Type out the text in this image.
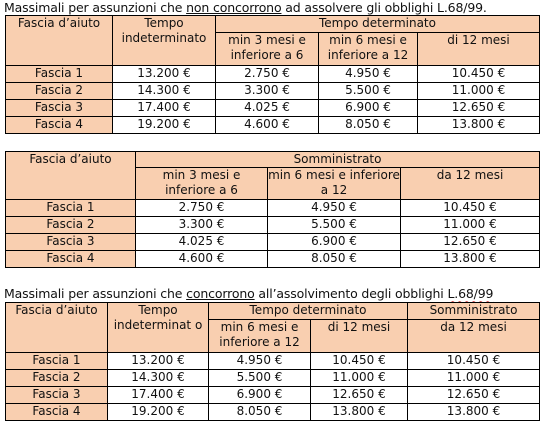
Massimali per assunzioni che non concorrono ad assolvere gli obblighi L.68/99.
Fascia d’aiuto	Tempo indeterminato	Tempo determinato		
		min 3 mesi e inferiore a 6	min 6 mesi e inferiore a 12	di 12 mesi
Fascia 1	13.200 €	2.750 €	4.950 €	10.450 €
Fascia 2	14.300 €	3.300 €	5.500 €	11.000 €
Fascia 3	17.400 €	4.025 €	6.900 €	12.650 €
Fascia 4	19.200 €	4.600 €	8.050 €	13.800 €
Fascia d’aiuto	Somministrato		
	min 3 mesi e inferiore a 6	min 6 mesi e inferiore a 12	da 12 mesi
Fascia 1	2.750 €	4.950 €	10.450 €
Fascia 2	3.300 €	5.500 €	11.000 €
Fascia 3	4.025 €	6.900 €	12.650 €
Fascia 4	4.600 €	8.050 €	13.800 €
Massimali per assunzioni che concorrono all’assolvimento degli obblighi L.68/99
Fascia d’aiuto	Tempo indeterminat o	Tempo determinato		Somministrato
		min 6 mesi e inferiore a 12	di 12 mesi	da 12 mesi
Fascia 1	13.200 €	4.950 €	10.450 €	10.450 €
Fascia 2	14.300 €	5.500 €	11.000 €	11.000 €
Fascia 3	17.400 €	6.900 €	12.650 €	12.650 €
Fascia 4	19.200 €	8.050 €	13.800 €	13.800 €
